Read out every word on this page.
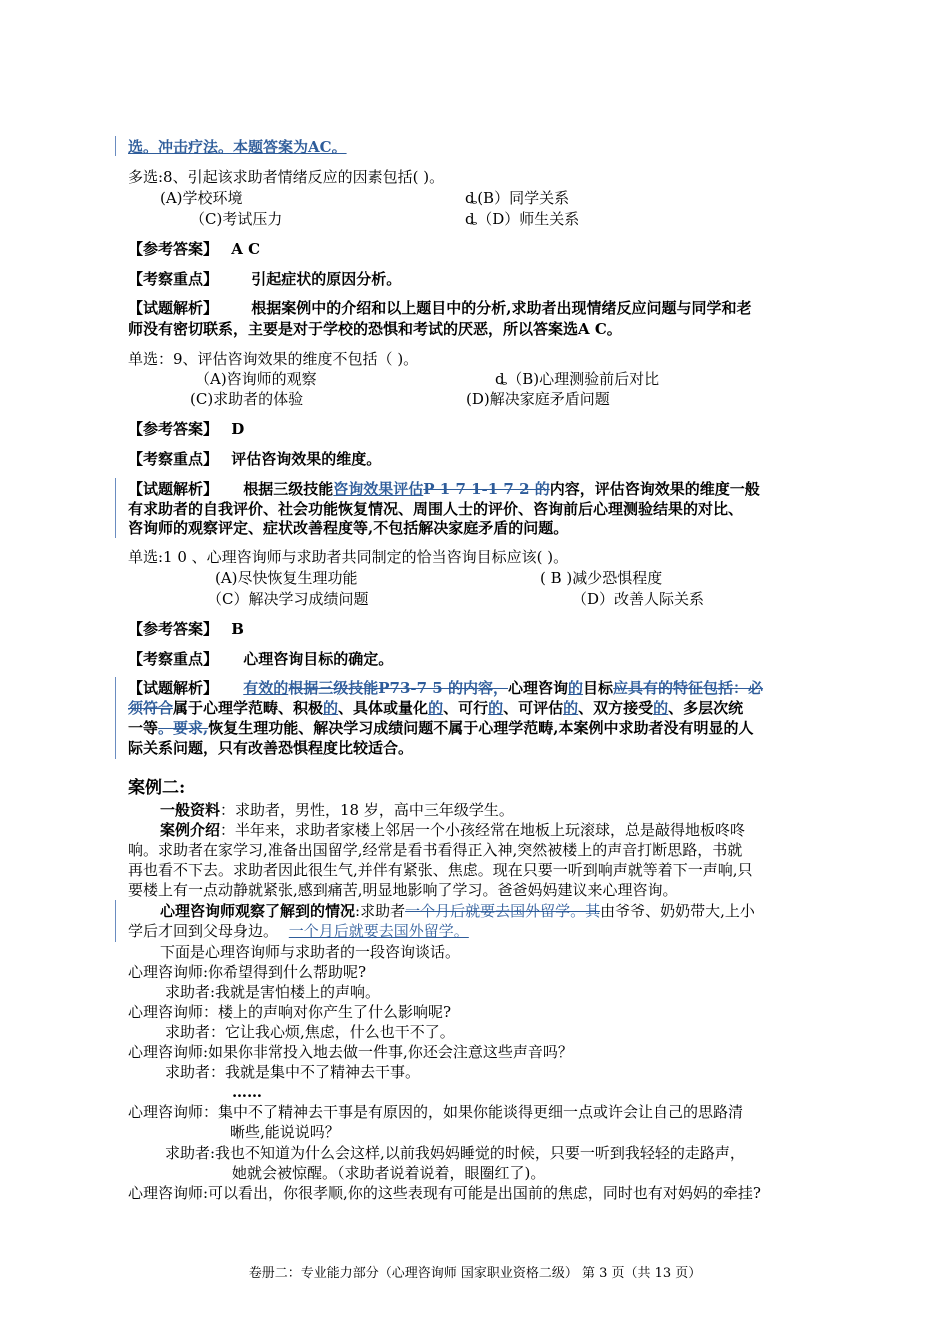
选。冲击疗法。本题答案为AC。
多选:8、引起该求助者情绪反应的因素包括( )。
(A)学校环境	ȡ(B）同学关系
（C)考试压力	ȡ（D）师生关系
【参考答案】 A C
【考察重点】 引起症状的原因分析。
【试题解析】 根据案例中的介绍和以上题目中的分析,求助者出现情绪反应问题与同学和老
师没有密切联系，主要是对于学校的恐惧和考试的厌恶，所以答案选A C。
单选：9、评估咨询效果的维度不包括（ )。
（A)咨询师的观察	ȡ（B)心理测验前后对比
(C)求助者的体验	(D)解决家庭矛盾问题
【参考答案】 D
【考察重点】 评估咨询效果的维度。
【试题解析】 根据三级技能咨询效果评估P 1 7 1-1 7 2 的内容，评估咨询效果的维度一般
有求助者的自我评价、社会功能恢复情况、周围人士的评价、咨询前后心理测验结果的对比、
咨询师的观察评定、症状改善程度等,不包括解决家庭矛盾的问题。
单选:1 0 、心理咨询师与求助者共同制定的恰当咨询目标应该( )。
(A)尽快恢复生理功能	( B )减少恐惧程度
（C）解决学习成绩问题	（D）改善人际关系
【参考答案】 B
【考察重点】 心理咨询目标的确定。
【试题解析】 有效的根据三级技能P73-7 5 的内容，心理咨询的目标应具有的特征包括：必
须符合属于心理学范畴、积极的、具体或量化的、可行的、可评估的、双方接受的、多层次统
一等。要求,恢复生理功能、解决学习成绩问题不属于心理学范畴,本案例中求助者没有明显的人
际关系问题，只有改善恐惧程度比较适合。
案例二:
一般资料：求助者，男性，18 岁，高中三年级学生。
案例介绍：半年来，求助者家楼上邻居一个小孩经常在地板上玩滚球，总是敲得地板咚咚
响。求助者在家学习,准备出国留学,经常是看书看得正入神,突然被楼上的声音打断思路，书就
再也看不下去。求助者因此很生气,并伴有紧张、焦虑。现在只要一听到响声就等着下一声响,只
要楼上有一点动静就紧张,感到痛苦,明显地影响了学习。爸爸妈妈建议来心理咨询。
心理咨询师观察了解到的情况:求助者一个月后就要去国外留学。其由爷爷、奶奶带大,上小
学后才回到父母身边。 一个月后就要去国外留学。
下面是心理咨询师与求助者的一段咨询谈话。
心理咨询师:你希望得到什么帮助呢?
求助者:我就是害怕楼上的声响。
心理咨询师：楼上的声响对你产生了什么影响呢?
求助者：它让我心烦,焦虑，什么也干不了。
心理咨询师:如果你非常投入地去做一件事,你还会注意这些声音吗？
求助者：我就是集中不了精神去干事。
……
心理咨询师：集中不了精神去干事是有原因的，如果你能谈得更细一点或许会让自己的思路清
晰些,能说说吗？
求助者:我也不知道为什么会这样,以前我妈妈睡觉的时候，只要一听到我轻轻的走路声，
她就会被惊醒。（求助者说着说着，眼圈红了)。
心理咨询师:可以看出，你很孝顺,你的这些表现有可能是出国前的焦虑，同时也有对妈妈的牵挂?
卷册二：专业能力部分（心理咨询师 国家职业资格二级） 第 3 页（共 13 页）
